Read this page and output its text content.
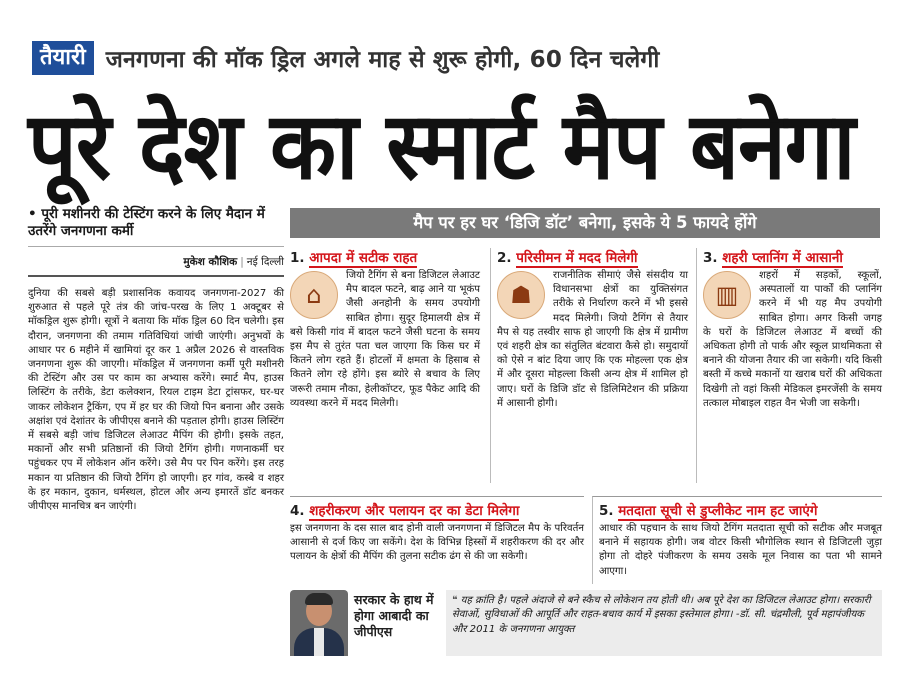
तैयारी जनगणना की मॉक ड्रिल अगले माह से शुरू होगी, 60 दिन चलेगी
पूरे देश का स्मार्ट मैप बनेगा
• पूरी मशीनरी की टेस्टिंग करने के लिए मैदान में उतरेंगे जनगणना कर्मी
मुकेश कौशिक | नई दिल्ली
दुनिया की सबसे बड़ी प्रशासनिक कवायद जनगणना-2027 की शुरुआत से पहले पूरे तंत्र की जांच-परख के लिए 1 अक्टूबर से मॉकड्रिल शुरू होगी। सूत्रों ने बताया कि मॉक ड्रिल 60 दिन चलेगी। इस दौरान, जनगणना की तमाम गतिविधियां जांची जाएंगी। अनुभवों के आधार पर 6 महीने में खामियां दूर कर 1 अप्रैल 2026 से वास्तविक जनगणना शुरू की जाएगी। मॉकड्रिल में जनगणना कर्मी पूरी मशीनरी की टेस्टिंग और उस पर काम का अभ्यास करेंगे। स्मार्ट मैप, हाउस लिस्टिंग के तरीके, डेटा कलेक्शन, रियल टाइम डेटा ट्रांसफर, घर-घर जाकर लोकेशन ट्रैकिंग, एप में हर घर की जियो पिन बनाना और उसके अक्षांश एवं देशांतर के जीपीएस बनाने की पड़ताल होगी। हाउस लिस्टिंग में सबसे बड़ी जांच डिजिटल लेआउट मैपिंग की होगी। इसके तहत, मकानों और सभी प्रतिष्ठानों की जियो टैगिंग होगी। गणनाकर्मी घर पहुंचकर एप में लोकेशन ऑन करेंगे। उसे मैप पर पिन करेंगे। इस तरह मकान या प्रतिष्ठान की जियो टैगिंग हो जाएगी। हर गांव, कस्बे व शहर के हर मकान, दुकान, धर्मस्थल, होटल और अन्य इमारतें डॉट बनकर जीपीएस मानचित्र बन जाएंगी।
मैप पर हर घर ‘डिजि डॉट’ बनेगा, इसके ये 5 फायदे होंगे
1. आपदा में सटीक राहत
⌂
जियो टैगिंग से बना डिजिटल लेआउट मैप बादल फटने, बाढ़ आने या भूकंप जैसी अनहोनी के समय उपयोगी साबित होगा। सुदूर हिमालयी क्षेत्र में बसे किसी गांव में बादल फटने जैसी घटना के समय इस मैप से तुरंत पता चल जाएगा कि किस घर में कितने लोग रहते हैं। होटलों में क्षमता के हिसाब से कितने लोग रहे होंगे। इस ब्योरे से बचाव के लिए जरूरी तमाम नौका, हेलीकॉप्टर, फूड पैकेट आदि की व्यवस्था करने में मदद मिलेगी।
2. परिसीमन में मदद मिलेगी
☗
राजनीतिक सीमाएं जैसे संसदीय या विधानसभा क्षेत्रों का युक्तिसंगत तरीके से निर्धारण करने में भी इससे मदद मिलेगी। जियो टैगिंग से तैयार मैप से यह तस्वीर साफ हो जाएगी कि क्षेत्र में ग्रामीण एवं शहरी क्षेत्र का संतुलित बंटवारा कैसे हो। समुदायों को ऐसे न बांट दिया जाए कि एक मोहल्ला एक क्षेत्र में और दूसरा मोहल्ला किसी अन्य क्षेत्र में शामिल हो जाए। घरों के डिजि डॉट से डिलिमिटेशन की प्रक्रिया में आसानी होगी।
3. शहरी प्लानिंग में आसानी
▥
शहरों में सड़कों, स्कूलों, अस्पतालों या पार्कों की प्लानिंग करने में भी यह मैप उपयोगी साबित होगा। अगर किसी जगह के घरों के डिजिटल लेआउट में बच्चों की अधिकता होगी तो पार्क और स्कूल प्राथमिकता से बनाने की योजना तैयार की जा सकेगी। यदि किसी बस्ती में कच्चे मकानों या खराब घरों की अधिकता दिखेगी तो वहां किसी मेडिकल इमरजेंसी के समय तत्काल मोबाइल राहत वैन भेजी जा सकेगी।
4. शहरीकरण और पलायन दर का डेटा मिलेगा
इस जनगणना के दस साल बाद होनी वाली जनगणना में डिजिटल मैप के परिवर्तन आसानी से दर्ज किए जा सकेंगे। देश के विभिन्न हिस्सों में शहरीकरण की दर और पलायन के क्षेत्रों की मैपिंग की तुलना सटीक ढंग से की जा सकेगी।
5. मतदाता सूची से डुप्लीकेट नाम हट जाएंगे
आधार की पहचान के साथ जियो टैगिंग मतदाता सूची को सटीक और मजबूत बनाने में सहायक होगी। जब वोटर किसी भौगोलिक स्थान से डिजिटली जुड़ा होगा तो दोहरे पंजीकरण के समय उसके मूल निवास का पता भी सामने आएगा।
सरकार के हाथ में होगा आबादी का जीपीएस
❝ यह क्रांति है। पहले अंदाजे से बने स्कैच से लोकेशन तय होती थी। अब पूरे देश का डिजिटल लेआउट होगा। सरकारी सेवाओं, सुविधाओं की आपूर्ति और राहत-बचाव कार्य में इसका इस्तेमाल होगा। -डॉ. सी. चंद्रमौली, पूर्व महापंजीयक और 2011 के जनगणना आयुक्त
